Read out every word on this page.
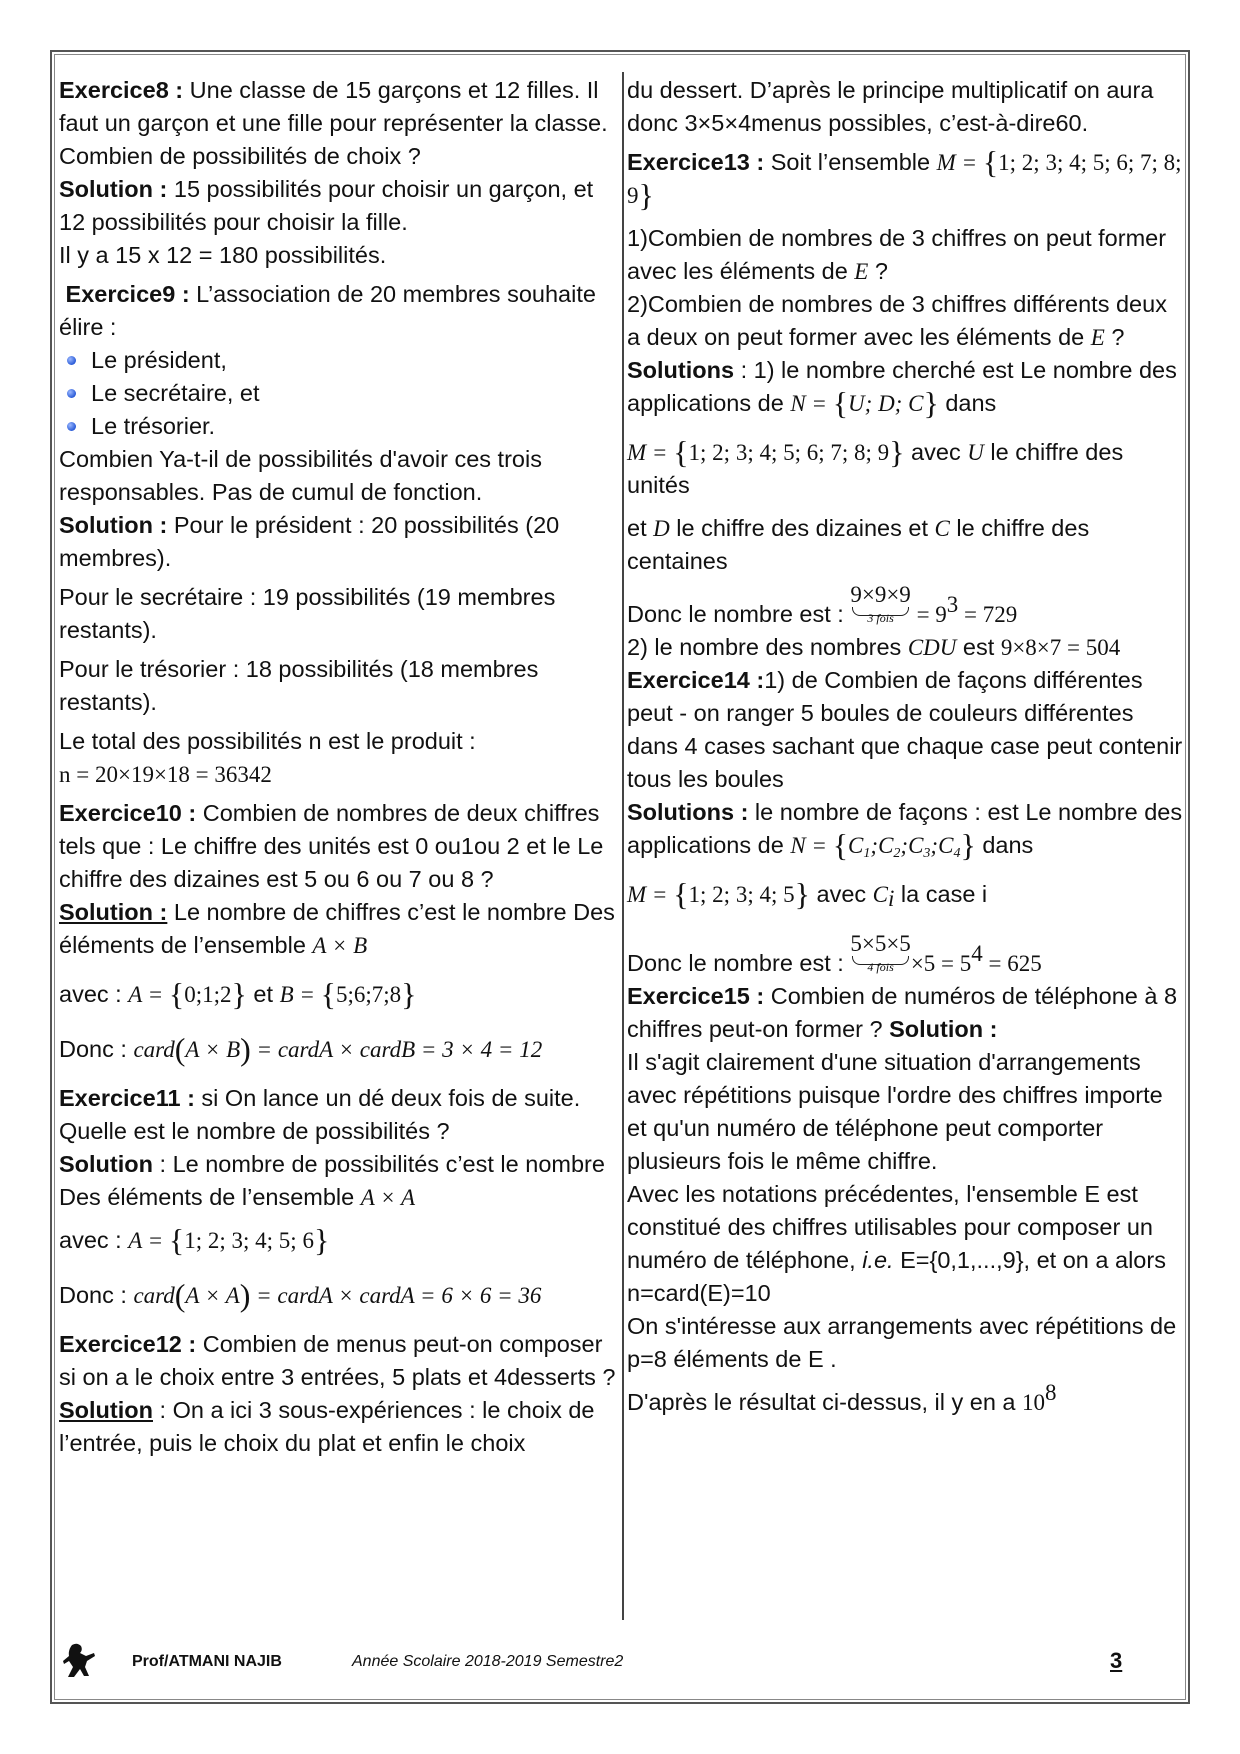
Exercice8 : Une classe de 15 garçons et 12 filles. Il faut un garçon et une fille pour représenter la classe.

Combien de possibilités de choix ?

Solution : 15 possibilités pour choisir un garçon, et 12 possibilités pour choisir la fille.

Il y a 15 x 12 = 180 possibilités.

Exercice9 : L’association de 20 membres souhaite élire :

Le président,
Le secrétaire, et
Le trésorier.

Combien Ya-t-il de possibilités d'avoir ces trois responsables. Pas de cumul de fonction.

Solution : Pour le président : 20 possibilités (20 membres).

Pour le secrétaire : 19 possibilités (19 membres restants).

Pour le trésorier : 18 possibilités (18 membres restants).

Le total des possibilités n est le produit :

n = 20×19×18 = 36342

Exercice10 : Combien de nombres de deux chiffres tels que : Le chiffre des unités est 0 ou1ou 2 et le Le chiffre des dizaines est 5 ou 6 ou 7 ou 8 ?

Solution : Le nombre de chiffres c’est le nombre Des éléments de l’ensemble A × B

avec : A = {0;1;2} et B = {5;6;7;8}

Donc : card(A × B) = cardA × cardB = 3 × 4 = 12

Exercice11 : si On lance un dé deux fois de suite. Quelle est le nombre de possibilités ?

Solution : Le nombre de possibilités c’est le nombre Des éléments de l’ensemble A × A

avec : A = {1; 2; 3; 4; 5; 6}

Donc : card(A × A) = cardA × cardA = 6 × 6 = 36

Exercice12 : Combien de menus peut-on composer si on a le choix entre 3 entrées, 5 plats et 4desserts ?

Solution : On a ici 3 sous-expériences : le choix de l’entrée, puis le choix du plat et enfin le choix

du dessert. D’après le principe multiplicatif on aura donc 3×5×4menus possibles, c’est-à-dire60.

Exercice13 : Soit l’ensemble M = {1; 2; 3; 4; 5; 6; 7; 8; 9}

1)Combien de nombres de 3 chiffres on peut former avec les éléments de E ?

2)Combien de nombres de 3 chiffres différents deux a deux on peut former avec les éléments de E ?

Solutions : 1) le nombre cherché est Le nombre des applications de N = {U; D; C} dans

M = {1; 2; 3; 4; 5; 6; 7; 8; 9} avec U le chiffre des unités

et D le chiffre des dizaines et C le chiffre des centaines

Donc le nombre est : 9×9×9
3 fois = $9^3 = 729$

2) le nombre des nombres CDU est 9×8×7 = 504

Exercice14 :1) de Combien de façons différentes peut - on ranger 5 boules de couleurs différentes dans 4 cases sachant que chaque case peut contenir tous les boules

Solutions : le nombre de façons : est Le nombre des applications de $N = \{C_1;C_2;C_3;C_4\}$ dans

M = {1; 2; 3; 4; 5} avec $C_i$ la case i

Donc le nombre est : 5×5×5
4 fois $\times 5 = 5^4 = 625$

Exercice15 : Combien de numéros de téléphone à 8 chiffres peut-on former ? Solution :

Il s'agit clairement d'une situation d'arrangements avec répétitions puisque l'ordre des chiffres importe et qu'un numéro de téléphone peut comporter plusieurs fois le même chiffre.

Avec les notations précédentes, l'ensemble E est constitué des chiffres utilisables pour composer un numéro de téléphone, i.e. E={0,1,...,9}, et on a alors n=card(E)=10

On s'intéresse aux arrangements avec répétitions de p=8 éléments de E .

D'après le résultat ci-dessus, il y en a $10^8$

Prof/ATMANI NAJIB	Année Scolaire 2018-2019 Semestre2	3
